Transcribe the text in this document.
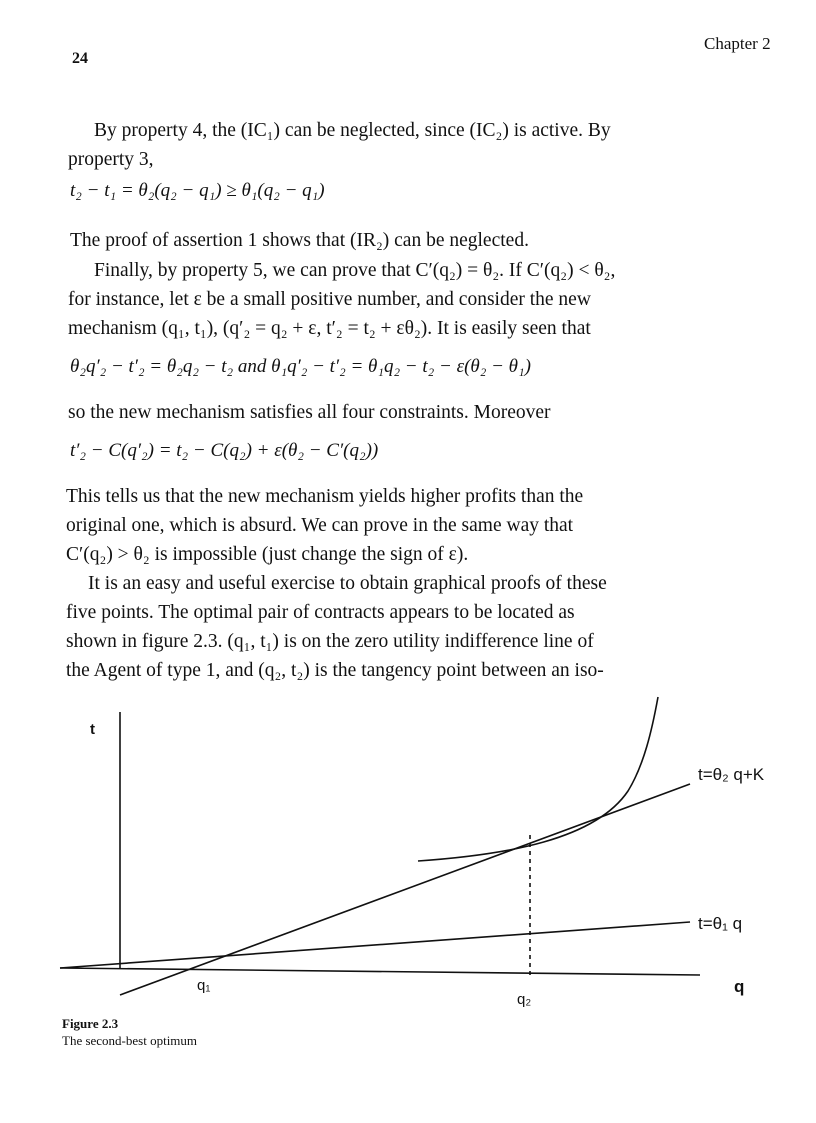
24
Chapter 2
By property 4, the (IC₁) can be neglected, since (IC₂) is active. By
property 3,
t₂ − t₁ = θ₂(q₂ − q₁) ≥ θ₁(q₂ − q₁)
The proof of assertion 1 shows that (IR₂) can be neglected.
Finally, by property 5, we can prove that C′(q₂) = θ₂. If C′(q₂) < θ₂,
for instance, let ε be a small positive number, and consider the new
mechanism (q₁, t₁), (q′₂ = q₂ + ε, t′₂ = t₂ + εθ₂). It is easily seen that
θ₂q′₂ − t′₂ = θ₂q₂ − t₂ and θ₁q′₂ − t′₂ = θ₁q₂ − t₂ − ε(θ₂ − θ₁)
so the new mechanism satisfies all four constraints. Moreover
t′₂ − C(q′₂) = t₂ − C(q₂) + ε(θ₂ − C′(q₂))
This tells us that the new mechanism yields higher profits than the
original one, which is absurd. We can prove in the same way that
C′(q₂) > θ₂ is impossible (just change the sign of ε).
It is an easy and useful exercise to obtain graphical proofs of these
five points. The optimal pair of contracts appears to be located as
shown in figure 2.3. (q₁, t₁) is on the zero utility indifference line of
the Agent of type 1, and (q₂, t₂) is the tangency point between an iso-
t
q
t=θ₂ q+K
t=θ₁ q
q₁
q₂
Figure 2.3
The second-best optimum
